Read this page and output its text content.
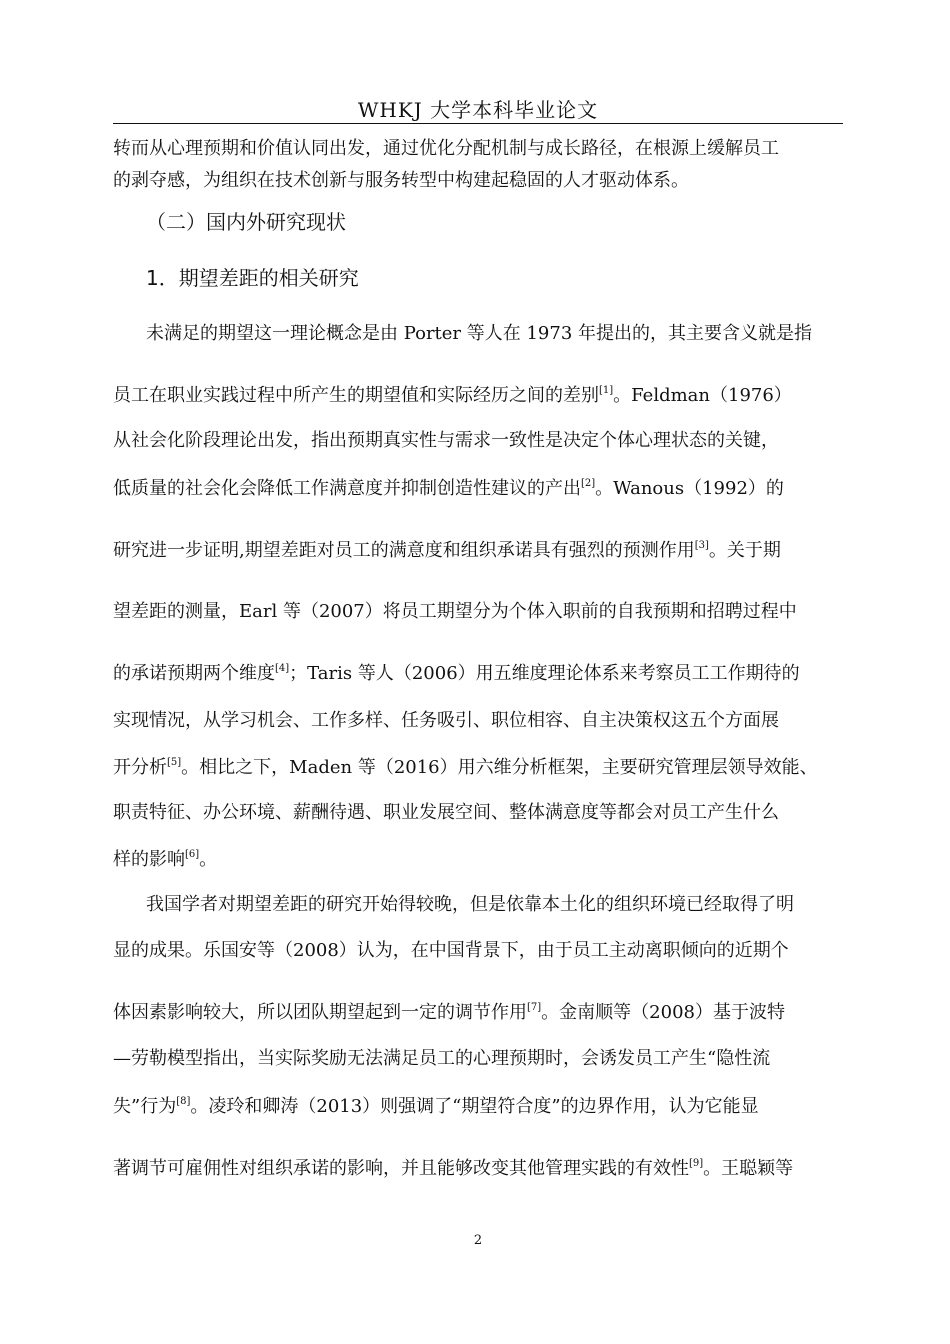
WHKJ 大学本科毕业论文
转而从心理预期和价值认同出发，通过优化分配机制与成长路径，在根源上缓解员工
的剥夺感，为组织在技术创新与服务转型中构建起稳固的人才驱动体系。
（二）国内外研究现状
1．期望差距的相关研究
未满足的期望这一理论概念是由 Porter 等人在 1973 年提出的，其主要含义就是指
员工在职业实践过程中所产生的期望值和实际经历之间的差别[1]。Feldman（1976）
从社会化阶段理论出发，指出预期真实性与需求一致性是决定个体心理状态的关键，
低质量的社会化会降低工作满意度并抑制创造性建议的产出[2]。Wanous（1992）的
研究进一步证明,期望差距对员工的满意度和组织承诺具有强烈的预测作用[3]。关于期
望差距的测量，Earl 等（2007）将员工期望分为个体入职前的自我预期和招聘过程中
的承诺预期两个维度[4]；Taris 等人（2006）用五维度理论体系来考察员工工作期待的
实现情况，从学习机会、工作多样、任务吸引、职位相容、自主决策权这五个方面展
开分析[5]。相比之下，Maden 等（2016）用六维分析框架，主要研究管理层领导效能、
职责特征、办公环境、薪酬待遇、职业发展空间、整体满意度等都会对员工产生什么
样的影响[6]。
我国学者对期望差距的研究开始得较晚，但是依靠本土化的组织环境已经取得了明
显的成果。乐国安等（2008）认为，在中国背景下，由于员工主动离职倾向的近期个
体因素影响较大，所以团队期望起到一定的调节作用[7]。金南顺等（2008）基于波特
—劳勒模型指出，当实际奖励无法满足员工的心理预期时，会诱发员工产生“隐性流
失”行为[8]。凌玲和卿涛（2013）则强调了“期望符合度”的边界作用，认为它能显
著调节可雇佣性对组织承诺的影响，并且能够改变其他管理实践的有效性[9]。王聪颖等
2
